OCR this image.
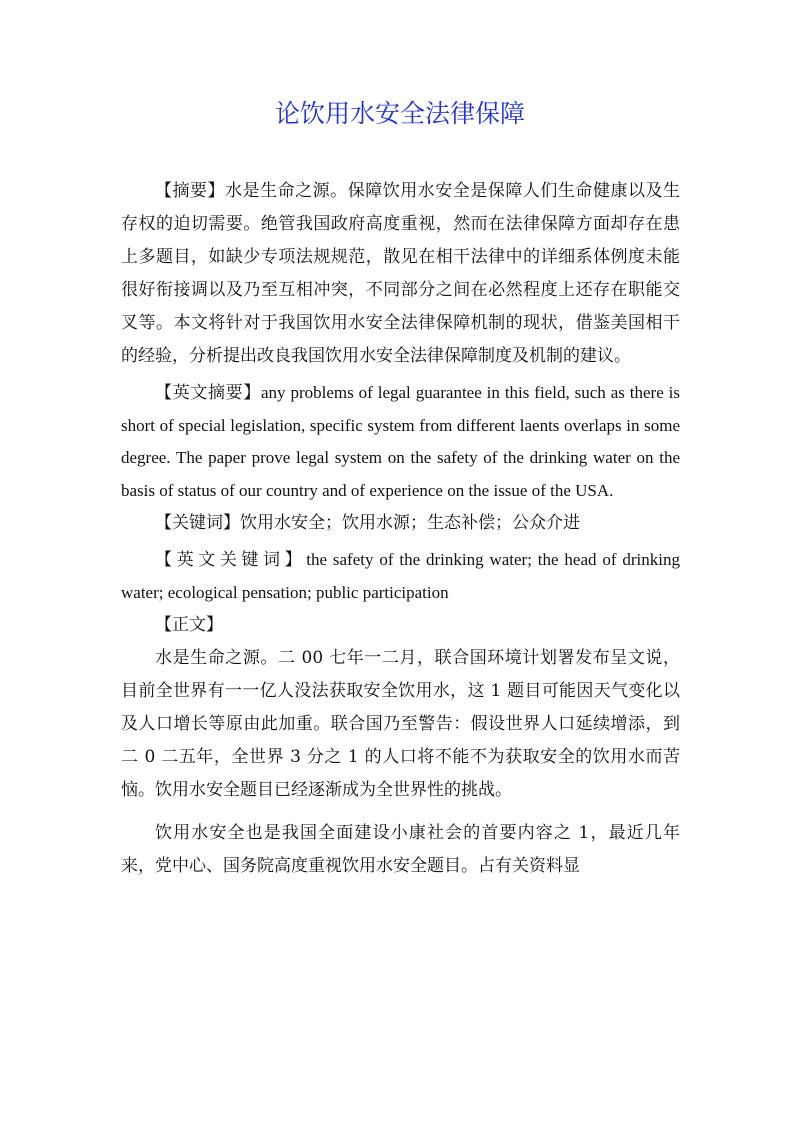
论饮用水安全法律保障

【摘要】水是生命之源。保障饮用水安全是保障人们生命健康以及生存权的迫切需要。绝管我国政府高度重视，然而在法律保障方面却存在患上多题目，如缺少专项法规规范，散见在相干法律中的详细系体例度未能很好衔接调以及乃至互相冲突，不同部分之间在必然程度上还存在职能交叉等。本文将针对于我国饮用水安全法律保障机制的现状，借鉴美国相干的经验，分析提出改良我国饮用水安全法律保障制度及机制的建议。

【英文摘要】any problems of legal guarantee in this field, such as there is short of special legislation, specific system from different laents overlaps in some degree. The paper prove legal system on the safety of the drinking water on the basis of status of our country and of experience on the issue of the USA.

【关键词】饮用水安全；饮用水源；生态补偿；公众介进

【英文关键词】the safety of the drinking water; the head of drinking water; ecological pensation; public participation

【正文】

水是生命之源。二 00 七年一二月，联合国环境计划署发布呈文说，目前全世界有一一亿人没法获取安全饮用水，这 1 题目可能因天气变化以及人口增长等原由此加重。联合国乃至警告：假设世界人口延续增添，到二 0 二五年，全世界 3 分之 1 的人口将不能不为获取安全的饮用水而苦恼。饮用水安全题目已经逐渐成为全世界性的挑战。

饮用水安全也是我国全面建设小康社会的首要内容之 1，最近几年来，党中心、国务院高度重视饮用水安全题目。占有关资料显
